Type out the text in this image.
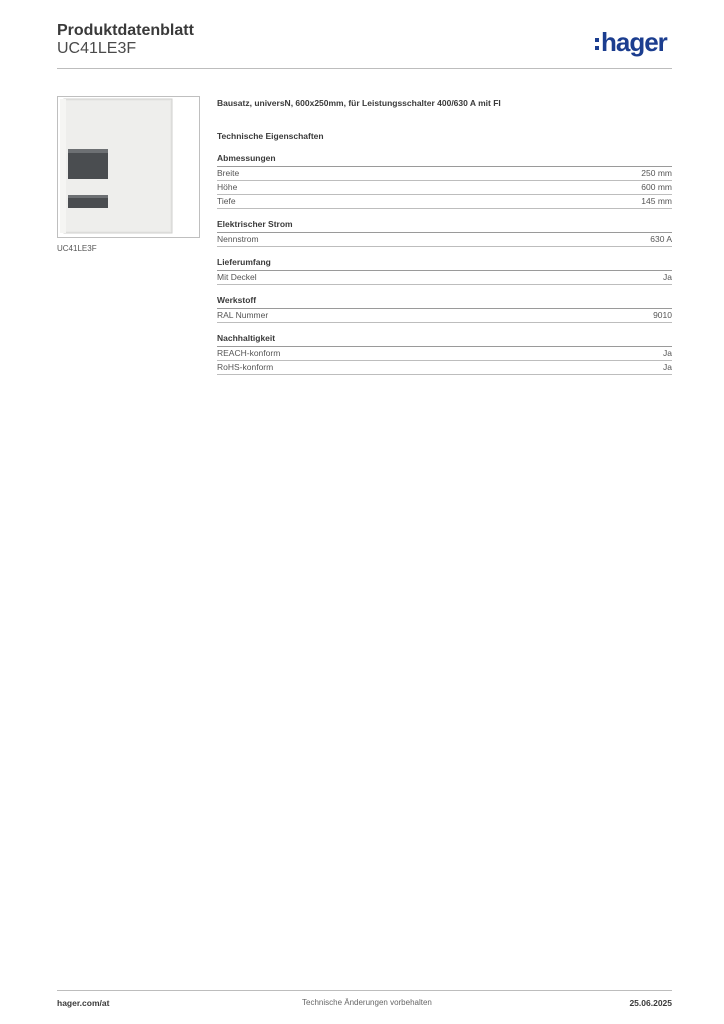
Produktdatenblatt
UC41LE3F	hager
UC41LE3F
Bausatz, universN, 600x250mm, für Leistungsschalter 400/630 A mit FI
Technische Eigenschaften
Abmessungen
Breite	250 mm
Höhe	600 mm
Tiefe	145 mm
Elektrischer Strom
Nennstrom	630 A
Lieferumfang
Mit Deckel	Ja
Werkstoff
RAL Nummer	9010
Nachhaltigkeit
REACH-konform	Ja
RoHS-konform	Ja
hager.com/at	Technische Änderungen vorbehalten	25.06.2025
